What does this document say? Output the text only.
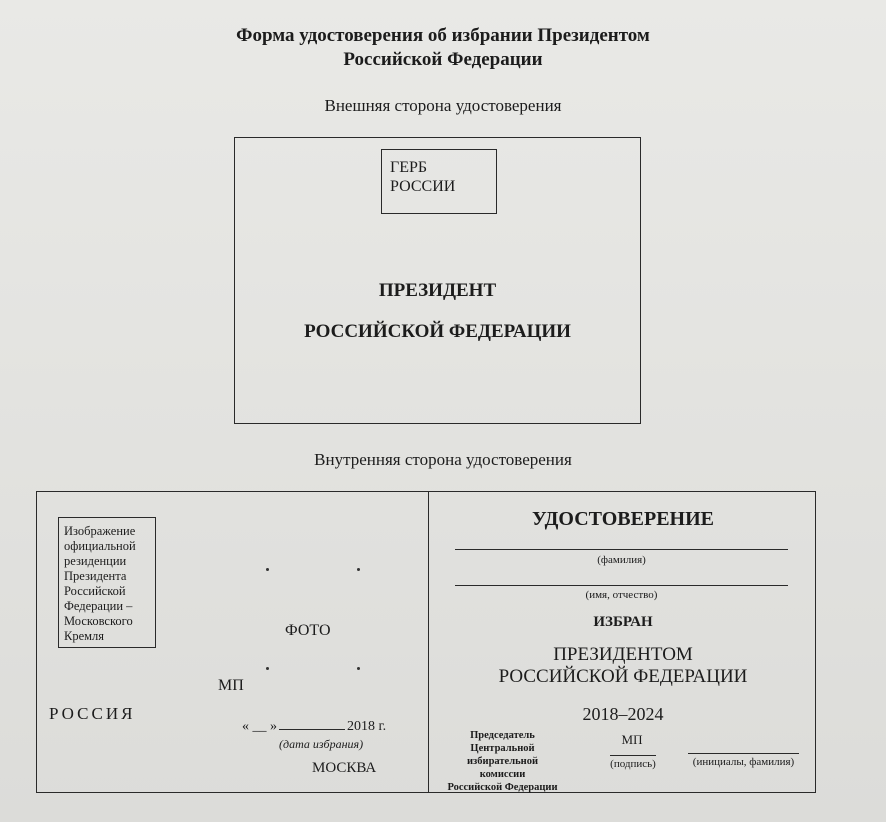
Форма удостоверения об избрании Президентом
Российской Федерации
Внешняя сторона удостоверения
ГЕРБ
РОССИИ
ПРЕЗИДЕНТ
РОССИЙСКОЙ ФЕДЕРАЦИИ
Внутренняя сторона удостоверения
Изображение
официальной
резиденции
Президента
Российской
Федерации –
Московского
Кремля	ФОТО
МП
РОССИЯ
« __ »	2018 г.
(дата избрания)
МОСКВА
УДОСТОВЕРЕНИЕ
(фамилия)
(имя, отчество)
ИЗБРАН
ПРЕЗИДЕНТОМ
РОССИЙСКОЙ ФЕДЕРАЦИИ
2018–2024
Председатель
Центральной избирательной
комиссии
Российской Федерации
МП
(подпись)	(инициалы, фамилия)
